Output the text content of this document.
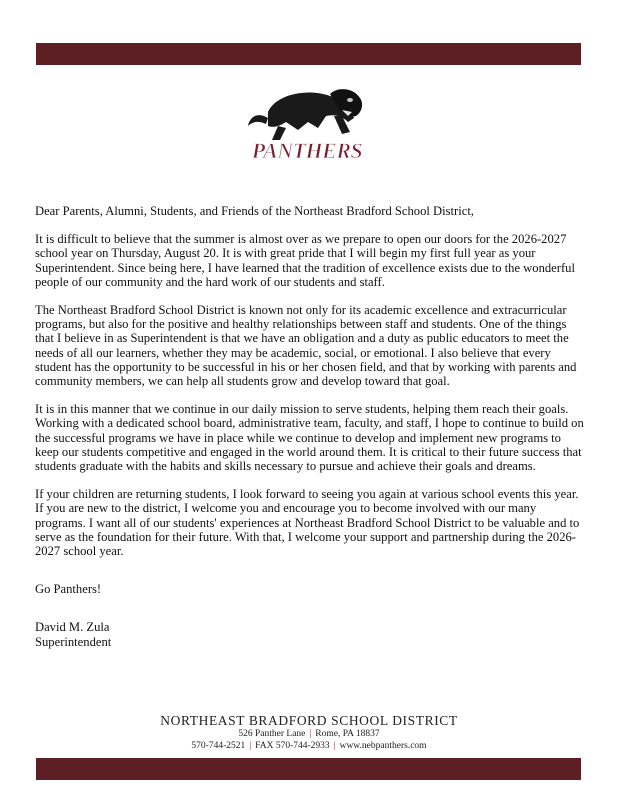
PANTHERS

Dear Parents, Alumni, Students, and Friends of the Northeast Bradford School District,

It is difficult to believe that the summer is almost over as we prepare to open our doors for the 2026-2027 school year on Thursday, August 20. It is with great pride that I will begin my first full year as your Superintendent. Since being here, I have learned that the tradition of excellence exists due to the wonderful people of our community and the hard work of our students and staff.

The Northeast Bradford School District is known not only for its academic excellence and extracurricular programs, but also for the positive and healthy relationships between staff and students. One of the things that I believe in as Superintendent is that we have an obligation and a duty as public educators to meet the needs of all our learners, whether they may be academic, social, or emotional. I also believe that every student has the opportunity to be successful in his or her chosen field, and that by working with parents and community members, we can help all students grow and develop toward that goal.

It is in this manner that we continue in our daily mission to serve students, helping them reach their goals. Working with a dedicated school board, administrative team, faculty, and staff, I hope to continue to build on the successful programs we have in place while we continue to develop and implement new programs to keep our students competitive and engaged in the world around them. It is critical to their future success that students graduate with the habits and skills necessary to pursue and achieve their goals and dreams.

If your children are returning students, I look forward to seeing you again at various school events this year. If you are new to the district, I welcome you and encourage you to become involved with our many programs. I want all of our students' experiences at Northeast Bradford School District to be valuable and to serve as the foundation for their future. With that, I welcome your support and partnership during the 2026-2027 school year.

Go Panthers!

David M. Zula
Superintendent

NORTHEAST BRADFORD SCHOOL DISTRICT
526 Panther Lane | Rome, PA 18837
570-744-2521 | FAX 570-744-2933 | www.nebpanthers.com
